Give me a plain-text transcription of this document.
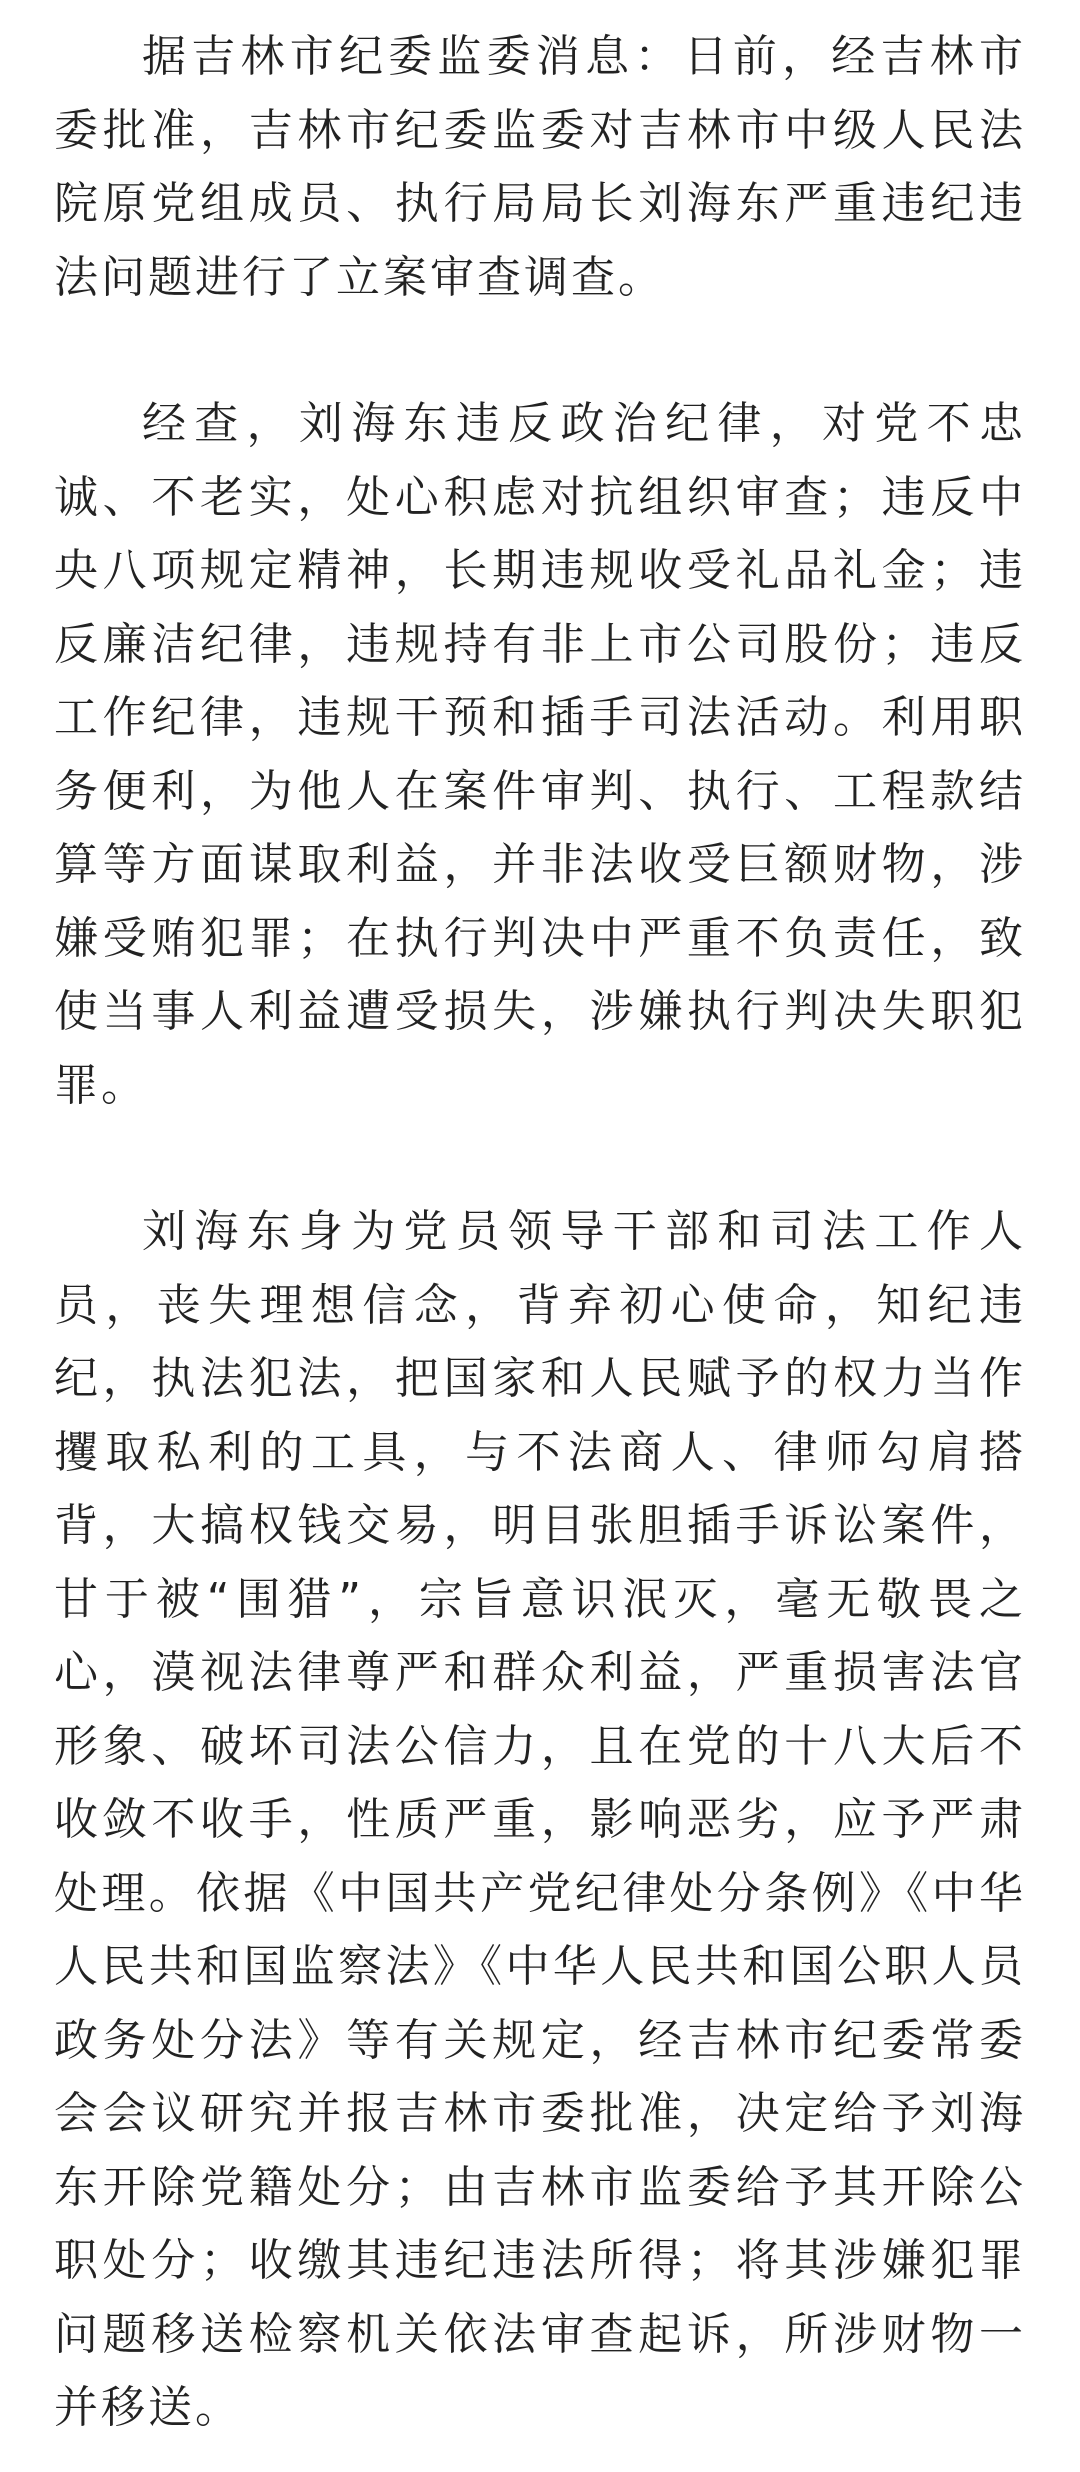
据吉林市纪委监委消息：日前，经吉林市委批准，吉林市纪委监委对吉林市中级人民法院原党组成员、执行局局长刘海东严重违纪违法问题进行了立案审查调查。

经查，刘海东违反政治纪律，对党不忠诚、不老实，处心积虑对抗组织审查；违反中央八项规定精神，长期违规收受礼品礼金；违反廉洁纪律，违规持有非上市公司股份；违反工作纪律，违规干预和插手司法活动。利用职务便利，为他人在案件审判、执行、工程款结算等方面谋取利益，并非法收受巨额财物，涉嫌受贿犯罪；在执行判决中严重不负责任，致使当事人利益遭受损失，涉嫌执行判决失职犯罪。

刘海东身为党员领导干部和司法工作人员，丧失理想信念，背弃初心使命，知纪违纪，执法犯法，把国家和人民赋予的权力当作攫取私利的工具，与不法商人、律师勾肩搭背，大搞权钱交易，明目张胆插手诉讼案件，甘于被“围猎”，宗旨意识泯灭，毫无敬畏之心，漠视法律尊严和群众利益，严重损害法官形象、破坏司法公信力，且在党的十八大后不收敛不收手，性质严重，影响恶劣，应予严肃处理。依据《中国共产党纪律处分条例》《中华人民共和国监察法》《中华人民共和国公职人员政务处分法》等有关规定，经吉林市纪委常委会会议研究并报吉林市委批准，决定给予刘海东开除党籍处分；由吉林市监委给予其开除公职处分；收缴其违纪违法所得；将其涉嫌犯罪问题移送检察机关依法审查起诉，所涉财物一并移送。
